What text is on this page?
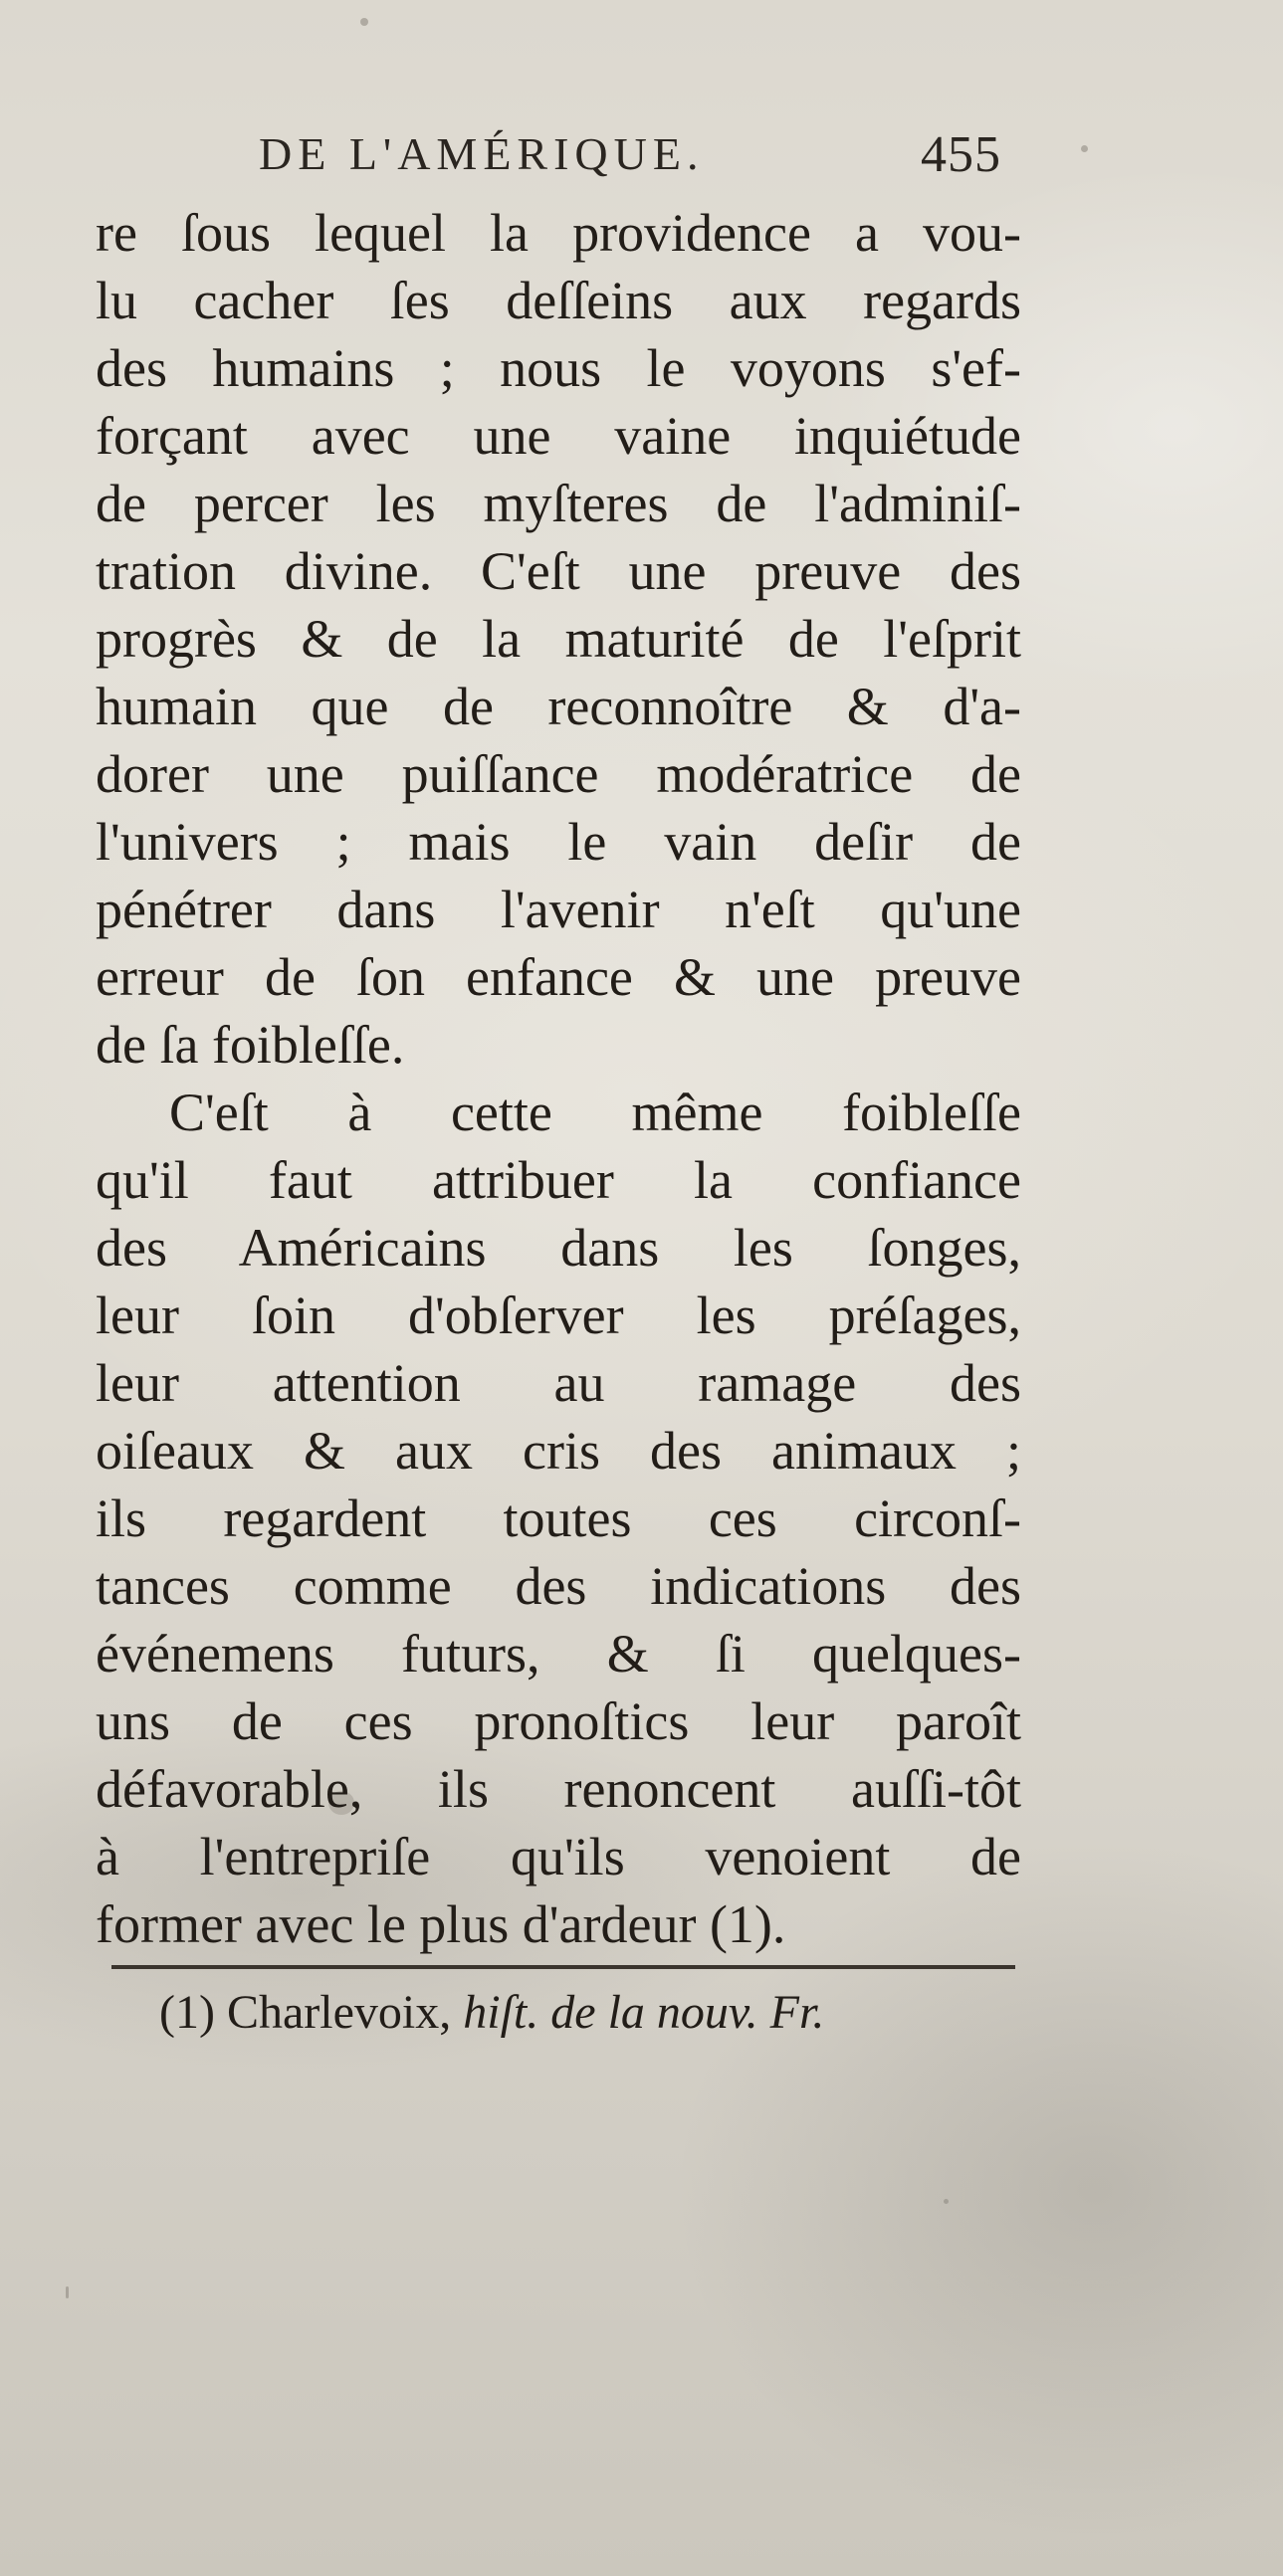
DE L'AMÉRIQUE.	455
re ſous lequel la providence a vou-
lu cacher ſes deſſeins aux regards
des humains ; nous le voyons s'ef-
forçant avec une vaine inquiétude
de percer les myſteres de l'adminiſ-
tration divine. C'eſt une preuve des
progrès & de la maturité de l'eſprit
humain que de reconnoître & d'a-
dorer une puiſſance modératrice de
l'univers ; mais le vain deſir de
pénétrer dans l'avenir n'eſt qu'une
erreur de ſon enfance & une preuve
de ſa foibleſſe.
C'eſt à cette même foibleſſe
qu'il faut attribuer la confiance
des Américains dans les ſonges,
leur ſoin d'obſerver les préſages,
leur attention au ramage des
oiſeaux & aux cris des animaux ;
ils regardent toutes ces circonſ-
tances comme des indications des
événemens futurs, & ſi quelques-
uns de ces pronoſtics leur paroît
défavorable, ils renoncent auſſi-tôt
à l'entrepriſe qu'ils venoient de
former avec le plus d'ardeur (1).
(1) Charlevoix, hiſt. de la nouv. Fr.
